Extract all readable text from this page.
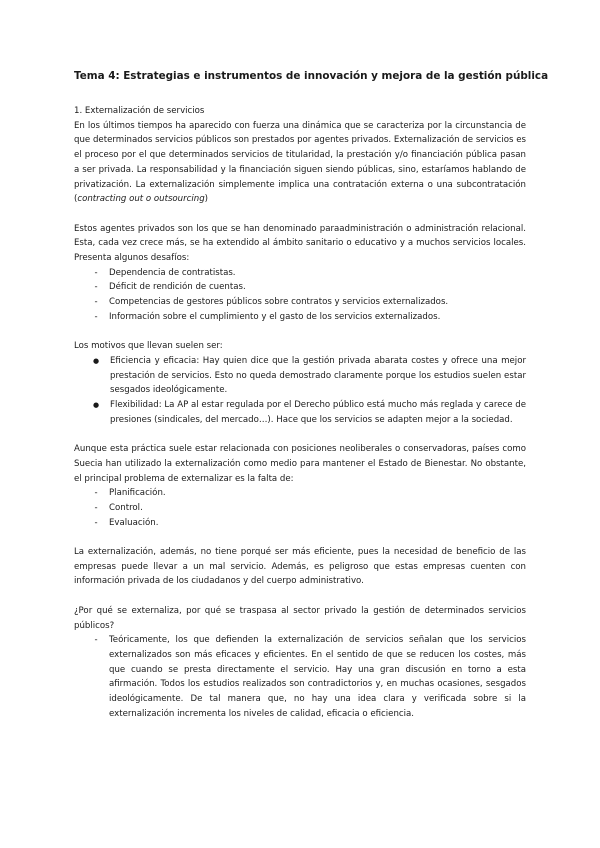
Tema 4: Estrategias e instrumentos de innovación y mejora de la gestión pública
1. Externalización de servicios
En los últimos tiempos ha aparecido con fuerza una dinámica que se caracteriza por la circunstancia de que determinados servicios públicos son prestados por agentes privados. Externalización de servicios es el proceso por el que determinados servicios de titularidad, la prestación y/o financiación pública pasan a ser privada. La responsabilidad y la financiación siguen siendo públicas, sino, estaríamos hablando de privatización. La externalización simplemente implica una contratación externa o una subcontratación (contracting out o outsourcing)
Estos agentes privados son los que se han denominado paraadministración o administración relacional. Esta, cada vez crece más, se ha extendido al ámbito sanitario o educativo y a muchos servicios locales. Presenta algunos desafíos:
-	Dependencia de contratistas.
-	Déficit de rendición de cuentas.
-	Competencias de gestores públicos sobre contratos y servicios externalizados.
-	Información sobre el cumplimiento y el gasto de los servicios externalizados.
Los motivos que llevan suelen ser:
●	Eficiencia y eficacia: Hay quien dice que la gestión privada abarata costes y ofrece una mejor prestación de servicios. Esto no queda demostrado claramente porque los estudios suelen estar sesgados ideológicamente.
●	Flexibilidad: La AP al estar regulada por el Derecho público está mucho más reglada y carece de presiones (sindicales, del mercado…). Hace que los servicios se adapten mejor a la sociedad.
Aunque esta práctica suele estar relacionada con posiciones neoliberales o conservadoras, países como Suecia han utilizado la externalización como medio para mantener el Estado de Bienestar. No obstante, el principal problema de externalizar es la falta de:
-	Planificación.
-	Control.
-	Evaluación.
La externalización, además, no tiene porqué ser más eficiente, pues la necesidad de beneficio de las empresas puede llevar a un mal servicio. Además, es peligroso que estas empresas cuenten con información privada de los ciudadanos y del cuerpo administrativo.
¿Por qué se externaliza, por qué se traspasa al sector privado la gestión de determinados servicios públicos?
-	Teóricamente, los que defienden la externalización de servicios señalan que los servicios externalizados son más eficaces y eficientes. En el sentido de que se reducen los costes, más que cuando se presta directamente el servicio. Hay una gran discusión en torno a esta afirmación. Todos los estudios realizados son contradictorios y, en muchas ocasiones, sesgados ideológicamente. De tal manera que, no hay una idea clara y verificada sobre si la externalización incrementa los niveles de calidad, eficacia o eficiencia.
